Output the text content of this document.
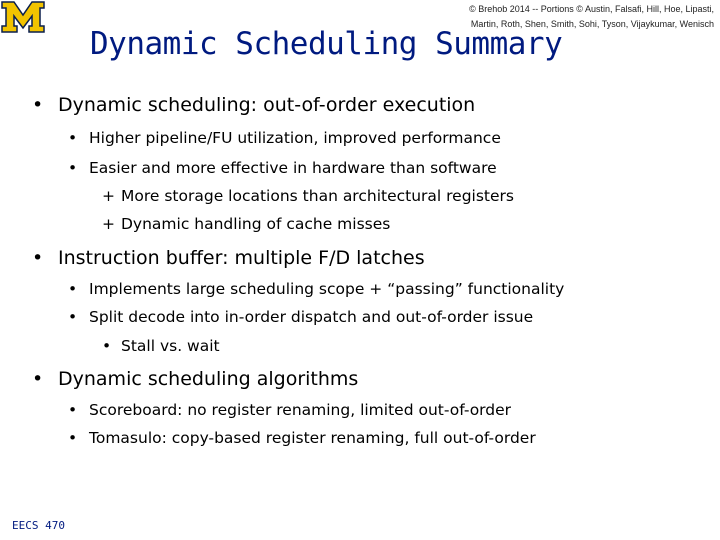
© Brehob 2014 -- Portions © Austin, Falsafi, Hill, Hoe, Lipasti,
Martin, Roth, Shen, Smith, Sohi, Tyson, Vijaykumar, Wenisch
Dynamic Scheduling Summary
• Dynamic scheduling: out-of-order execution
• Higher pipeline/FU utilization, improved performance
• Easier and more effective in hardware than software
+ More storage locations than architectural registers
+ Dynamic handling of cache misses
• Instruction buffer: multiple F/D latches
• Implements large scheduling scope + “passing” functionality
• Split decode into in-order dispatch and out-of-order issue
• Stall vs. wait
• Dynamic scheduling algorithms
• Scoreboard: no register renaming, limited out-of-order
• Tomasulo: copy-based register renaming, full out-of-order
EECS 470
